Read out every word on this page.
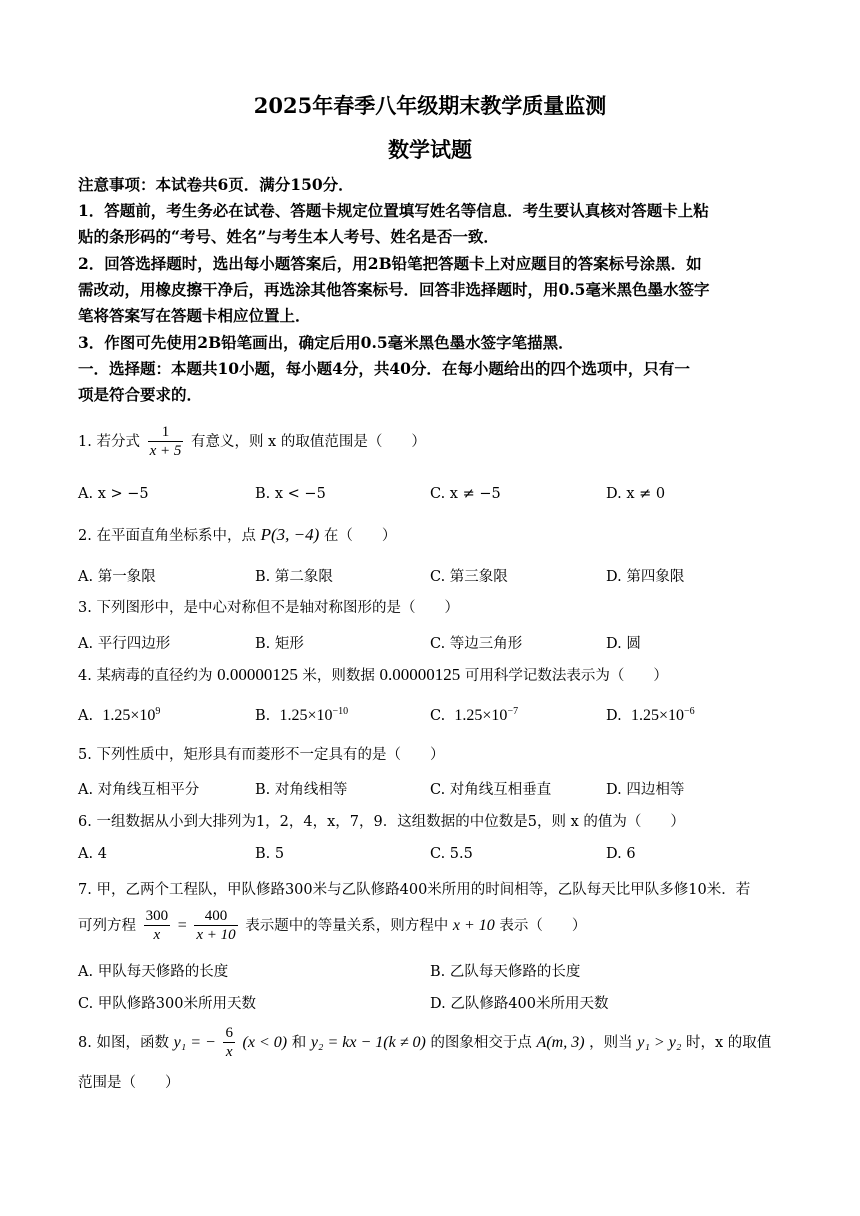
2025年春季八年级期末教学质量监测
数学试题
注意事项：本试卷共6页．满分150分．
1．答题前，考生务必在试卷、答题卡规定位置填写姓名等信息．考生要认真核对答题卡上粘
贴的条形码的“考号、姓名”与考生本人考号、姓名是否一致．
2．回答选择题时，选出每小题答案后，用2B铅笔把答题卡上对应题目的答案标号涂黑．如
需改动，用橡皮擦干净后，再选涂其他答案标号．回答非选择题时，用0.5毫米黑色墨水签字
笔将答案写在答题卡相应位置上．
3．作图可先使用2B铅笔画出，确定后用0.5毫米黑色墨水签字笔描黑．
一．选择题：本题共10小题，每小题4分，共40分．在每小题给出的四个选项中，只有一
项是符合要求的．
1. 若分式 $\frac{1}{x + 5}$ 有意义，则 x 的取值范围是（　　）
A. x > −5	B. x < −5	C. x ≠ −5	D. x ≠ 0
2. 在平面直角坐标系中，点 P(3, −4) 在（　　）
A. 第一象限	B. 第二象限	C. 第三象限	D. 第四象限
3. 下列图形中，是中心对称但不是轴对称图形的是（　　）
A. 平行四边形	B. 矩形	C. 等边三角形	D. 圆
4. 某病毒的直径约为 0.00000125 米，则数据 0.00000125 可用科学记数法表示为（　　）
A. $1.25\times 10^9$	B. $1.25\times 10^{-10}$	C. $1.25\times 10^{-7}$	D. $1.25\times 10^{-6}$
5. 下列性质中，矩形具有而菱形不一定具有的是（　　）
A. 对角线互相平分	B. 对角线相等	C. 对角线互相垂直	D. 四边相等
6. 一组数据从小到大排列为1，2，4，x，7，9．这组数据的中位数是5，则 x 的值为（　　）
A. 4	B. 5	C. 5.5	D. 6
7. 甲，乙两个工程队，甲队修路300米与乙队修路400米所用的时间相等，乙队每天比甲队多修10米．若
可列方程 $\frac{300}{x} = \frac{400}{x + 10}$ 表示题中的等量关系，则方程中 x + 10 表示（　　）
A. 甲队每天修路的长度	B. 乙队每天修路的长度
C. 甲队修路300米所用天数	D. 乙队修路400米所用天数
8. 如图，函数 y₁ = − $\frac{6}{x} (x < 0)$ 和 y₂ = kx − 1(k ≠ 0) 的图象相交于点 A(m, 3) ，则当 y₁ > y₂ 时，x 的取值
范围是（　　）
